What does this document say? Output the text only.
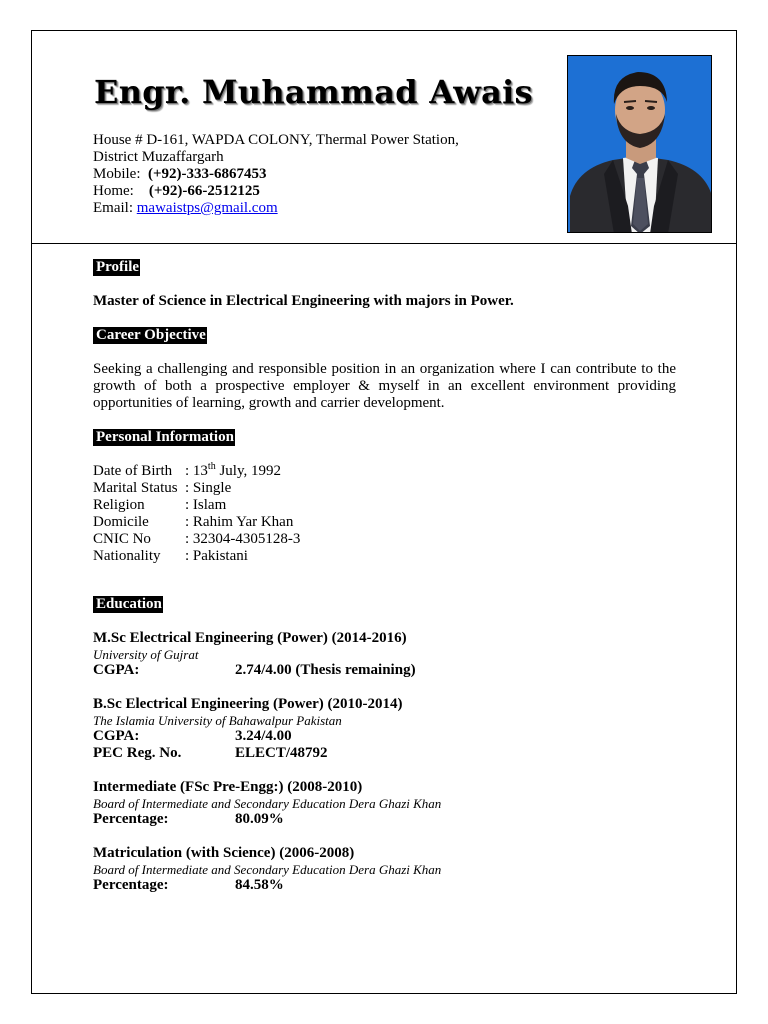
Engr. Muhammad Awais
House # D-161, WAPDA COLONY, Thermal Power Station,
District Muzaffargarh
Mobile: (+92)-333-6867453
Home: (+92)-66-2512125
Email: mawaistps@gmail.com
Profile

Master of Science in Electrical Engineering with majors in Power.

Career Objective

Seeking a challenging and responsible position in an organization where I can contribute to the growth of both a prospective employer & myself in an excellent environment providing opportunities of learning, growth and carrier development.

Personal Information
Date of Birth	: 13th July, 1992
Marital Status	: Single
Religion	: Islam
Domicile	: Rahim Yar Khan
CNIC No	: 32304-4305128-3
Nationality	: Pakistani
Education
M.Sc Electrical Engineering (Power) (2014-2016)
University of Gujrat
CGPA:	2.74/4.00 (Thesis remaining)
B.Sc Electrical Engineering (Power) (2010-2014)
The Islamia University of Bahawalpur Pakistan
CGPA:	3.24/4.00
PEC Reg. No.	ELECT/48792
Intermediate (FSc Pre-Engg:) (2008-2010)
Board of Intermediate and Secondary Education Dera Ghazi Khan
Percentage:	80.09%
Matriculation (with Science) (2006-2008)
Board of Intermediate and Secondary Education Dera Ghazi Khan
Percentage:	84.58%
